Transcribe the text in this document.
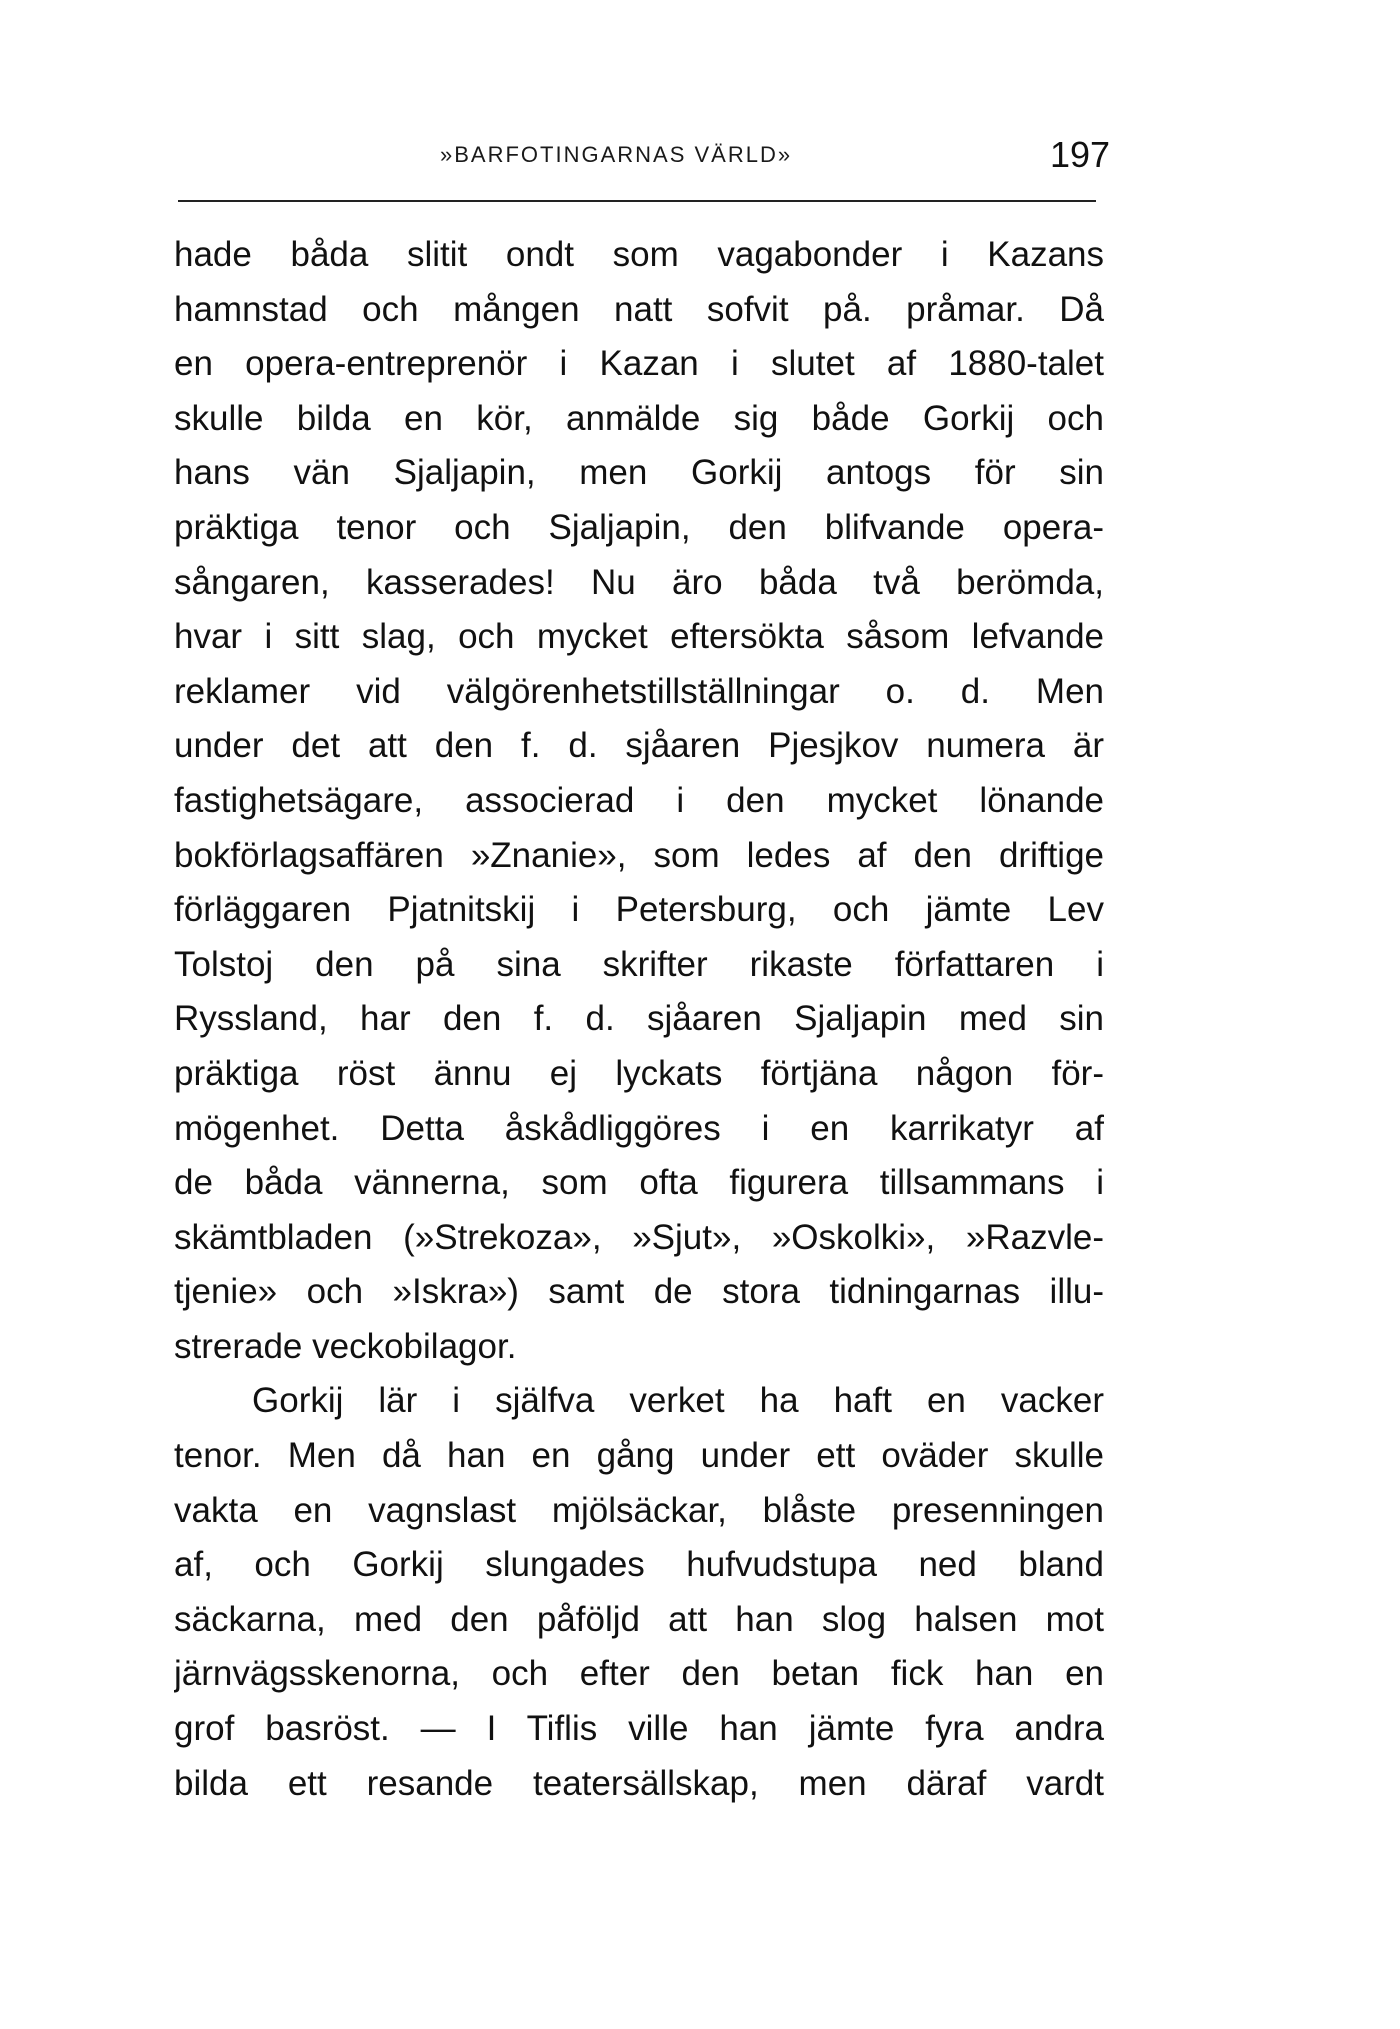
»BARFOTINGARNAS VÄRLD»	197
hade båda slitit ondt som vagabonder i Kazans
hamnstad och mången natt sofvit på. pråmar. Då
en opera-entreprenör i Kazan i slutet af 1880-talet
skulle bilda en kör, anmälde sig både Gorkij och
hans vän Sjaljapin, men Gorkij antogs för sin
präktiga tenor och Sjaljapin, den blifvande opera-
sångaren, kasserades! Nu äro båda två berömda,
hvar i sitt slag, och mycket eftersökta såsom lefvande
reklamer vid välgörenhetstillställningar o. d. Men
under det att den f. d. sjåaren Pjesjkov numera är
fastighetsägare, associerad i den mycket lönande
bokförlagsaffären »Znanie», som ledes af den driftige
förläggaren Pjatnitskij i Petersburg, och jämte Lev
Tolstoj den på sina skrifter rikaste författaren i
Ryssland, har den f. d. sjåaren Sjaljapin med sin
präktiga röst ännu ej lyckats förtjäna någon för-
mögenhet. Detta åskådliggöres i en karrikatyr af
de båda vännerna, som ofta figurera tillsammans i
skämtbladen (»Strekoza», »Sjut», »Oskolki», »Razvle-
tjenie» och »Iskra») samt de stora tidningarnas illu-
strerade veckobilagor.
Gorkij lär i själfva verket ha haft en vacker
tenor. Men då han en gång under ett oväder skulle
vakta en vagnslast mjölsäckar, blåste presenningen
af, och Gorkij slungades hufvudstupa ned bland
säckarna, med den påföljd att han slog halsen mot
järnvägsskenorna, och efter den betan fick han en
grof basröst. — I Tiflis ville han jämte fyra andra
bilda ett resande teatersällskap, men däraf vardt
